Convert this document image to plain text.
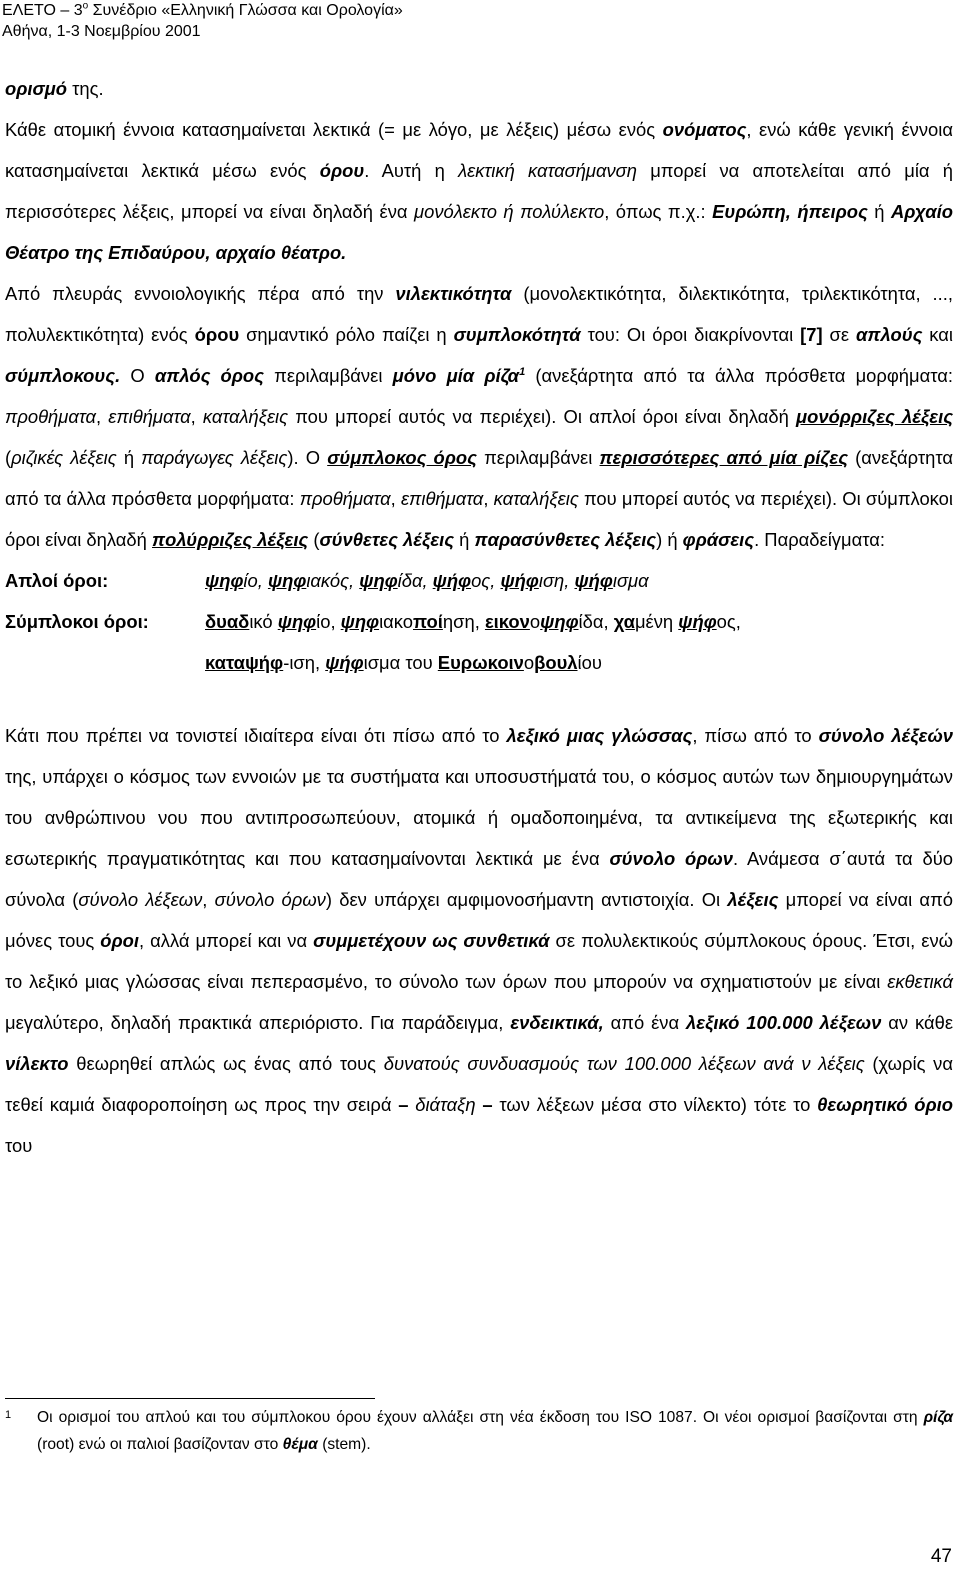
ΕΛΕΤΟ – $3^o$ Συνέδριο «Ελληνική Γλώσσα και Ορολογία»
Αθήνα, 1-3 Νοεμβρίου 2001

ορισμό της.

Κάθε ατομική έννοια κατασημαίνεται λεκτικά (= με λόγο, με λέξεις) μέσω ενός ονόματος, ενώ κάθε γενική έννοια κατασημαίνεται λεκτικά μέσω ενός όρου. Αυτή η λεκτική κατασήμανση μπορεί να αποτελείται από μία ή περισσότερες λέξεις, μπορεί να είναι δηλαδή ένα μονόλεκτο ή πολύλεκτο, όπως π.χ.: Ευρώπη, ήπειρος ή Αρχαίο Θέατρο της Επιδαύρου, αρχαίο θέατρο.

Από πλευράς εννοιολογικής πέρα από την νιλεκτικότητα (μονολεκτικότητα, διλεκτικότητα, τριλεκτικότητα, ..., πολυλεκτικότητα) ενός όρου σημαντικό ρόλο παίζει η συμπλοκότητά του: Οι όροι διακρίνονται [7] σε απλούς και σύμπλοκους. Ο απλός όρος περιλαμβάνει μόνο μία ρίζα$^1$ (ανεξάρτητα από τα άλλα πρόσθετα μορφήματα: προθήματα, επιθήματα, καταλήξεις που μπορεί αυτός να περιέχει). Οι απλοί όροι είναι δηλαδή μονόρριζες λέξεις (ριζικές λέξεις ή παράγωγες λέξεις). Ο σύμπλοκος όρος περιλαμβάνει περισσότερες από μία ρίζες (ανεξάρτητα από τα άλλα πρόσθετα μορφήματα: προθήματα, επιθήματα, καταλήξεις που μπορεί αυτός να περιέχει). Οι σύμπλοκοι όροι είναι δηλαδή πολύρριζες λέξεις (σύνθετες λέξεις ή παρασύνθετες λέξεις) ή φράσεις. Παραδείγματα:

Απλοί όροι:	ψηφίο, ψηφιακός, ψηφίδα, ψήφος, ψήφιση, ψήφισμα
Σύμπλοκοι όροι:	δυαδικό ψηφίο, ψηφιακοποίηση, εικονοψηφίδα, χαμένη ψήφος,
καταψήφ-ιση, ψήφισμα του Ευρωκοινοβουλίου

Κάτι που πρέπει να τονιστεί ιδιαίτερα είναι ότι πίσω από το λεξικό μιας γλώσσας, πίσω από το σύνολο λέξεών της, υπάρχει ο κόσμος των εννοιών με τα συστήματα και υποσυστήματά του, ο κόσμος αυτών των δημιουργημάτων του ανθρώπινου νου που αντιπροσωπεύουν, ατομικά ή ομαδοποιημένα, τα αντικείμενα της εξωτερικής και εσωτερικής πραγματικότητας και που κατασημαίνονται λεκτικά με ένα σύνολο όρων. Ανάμεσα σ΄αυτά τα δύο σύνολα (σύνολο λέξεων, σύνολο όρων) δεν υπάρχει αμφιμονοσήμαντη αντιστοιχία. Οι λέξεις μπορεί να είναι από μόνες τους όροι, αλλά μπορεί και να συμμετέχουν ως συνθετικά σε πολυλεκτικούς σύμπλοκους όρους. Έτσι, ενώ το λεξικό μιας γλώσσας είναι πεπερασμένο, το σύνολο των όρων που μπορούν να σχηματιστούν με είναι εκθετικά μεγαλύτερο, δηλαδή πρακτικά απεριόριστο. Για παράδειγμα, ενδεικτικά, από ένα λεξικό 100.000 λέξεων αν κάθε νίλεκτο θεωρηθεί απλώς ως ένας από τους δυνατούς συνδυασμούς των 100.000 λέξεων ανά ν λέξεις (χωρίς να τεθεί καμιά διαφοροποίηση ως προς την σειρά – διάταξη – των λέξεων μέσα στο νίλεκτο) τότε το θεωρητικό όριο του

1 Οι ορισμοί του απλού και του σύμπλοκου όρου έχουν αλλάξει στη νέα έκδοση του ISO 1087. Οι νέοι ορισμοί βασίζονται στη ρίζα (root) ενώ οι παλιοί βασίζονταν στο θέμα (stem).
47
